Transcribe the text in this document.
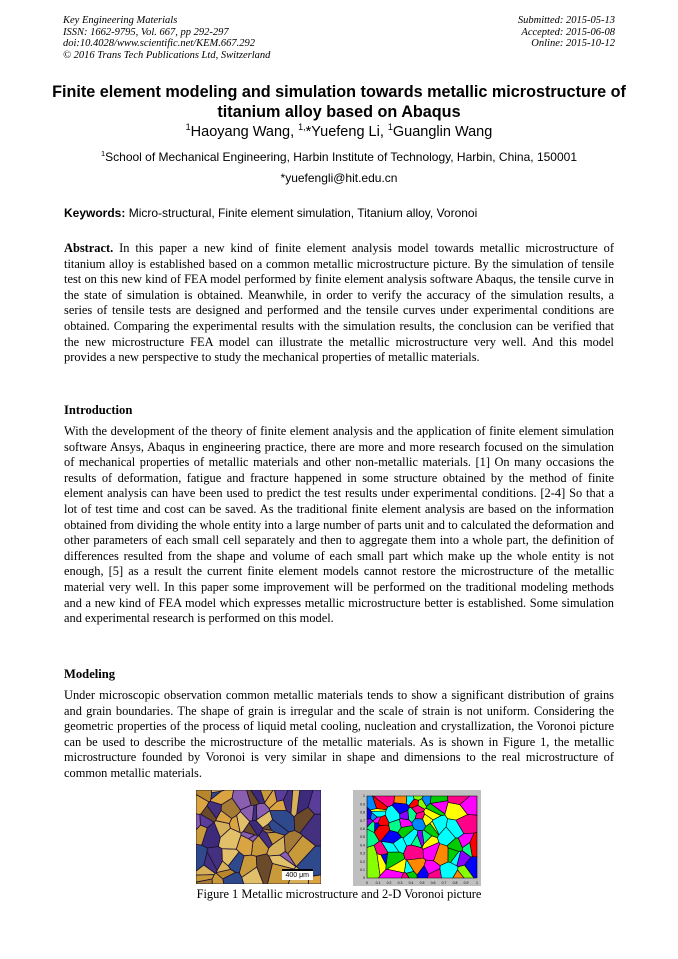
Key Engineering Materials
ISSN: 1662-9795, Vol. 667, pp 292-297
doi:10.4028/www.scientific.net/KEM.667.292
© 2016 Trans Tech Publications Ltd, Switzerland
Submitted: 2015-05-13
Accepted: 2015-06-08
Online: 2015-10-12
Finite element modeling and simulation towards metallic microstructure of titanium alloy based on Abaqus
$^1$Haoyang Wang, $^{1,}$*Yuefeng Li, $^1$Guanglin Wang
$^1$School of Mechanical Engineering, Harbin Institute of Technology, Harbin, China, 150001
*yuefengli@hit.edu.cn
Keywords: Micro-structural, Finite element simulation, Titanium alloy, Voronoi

Abstract. In this paper a new kind of finite element analysis model towards metallic microstructure of titanium alloy is established based on a common metallic microstructure picture. By the simulation of tensile test on this new kind of FEA model performed by finite element analysis software Abaqus, the tensile curve in the state of simulation is obtained. Meanwhile, in order to verify the accuracy of the simulation results, a series of tensile tests are designed and performed and the tensile curves under experimental conditions are obtained. Comparing the experimental results with the simulation results, the conclusion can be verified that the new microstructure FEA model can illustrate the metallic microstructure very well. And this model provides a new perspective to study the mechanical properties of metallic materials.

Introduction

With the development of the theory of finite element analysis and the application of finite element simulation software Ansys, Abaqus in engineering practice, there are more and more research focused on the simulation of mechanical properties of metallic materials and other non-metallic materials. [1] On many occasions the results of deformation, fatigue and fracture happened in some structure obtained by the method of finite element analysis can have been used to predict the test results under experimental conditions. [2-4] So that a lot of test time and cost can be saved. As the traditional finite element analysis are based on the information obtained from dividing the whole entity into a large number of parts unit and to calculated the deformation and other parameters of each small cell separately and then to aggregate them into a whole part, the definition of differences resulted from the shape and volume of each small part which make up the whole entity is not enough, [5] as a result the current finite element models cannot restore the microstructure of the metallic material very well. In this paper some improvement will be performed on the traditional modeling methods and a new kind of FEA model which expresses metallic microstructure better is established. Some simulation and experimental research is performed on this model.

Modeling

Under microscopic observation common metallic materials tends to show a significant distribution of grains and grain boundaries. The shape of grain is irregular and the scale of strain is not uniform. Considering the geometric properties of the process of liquid metal cooling, nucleation and crystallization, the Voronoi picture can be used to describe the microstructure of the metallic materials. As is shown in Figure 1, the metallic microstructure founded by Voronoi is very similar in shape and dimensions to the real microstructure of common metallic materials.

400 μm
0
0
0.1
0.1
0.2
0.2
0.3
0.3
0.4
0.4
0.5
0.5
0.6
0.6
0.7
0.7
0.8
0.8
0.9
0.9
1
1
Figure 1 Metallic microstructure and 2-D Voronoi picture
